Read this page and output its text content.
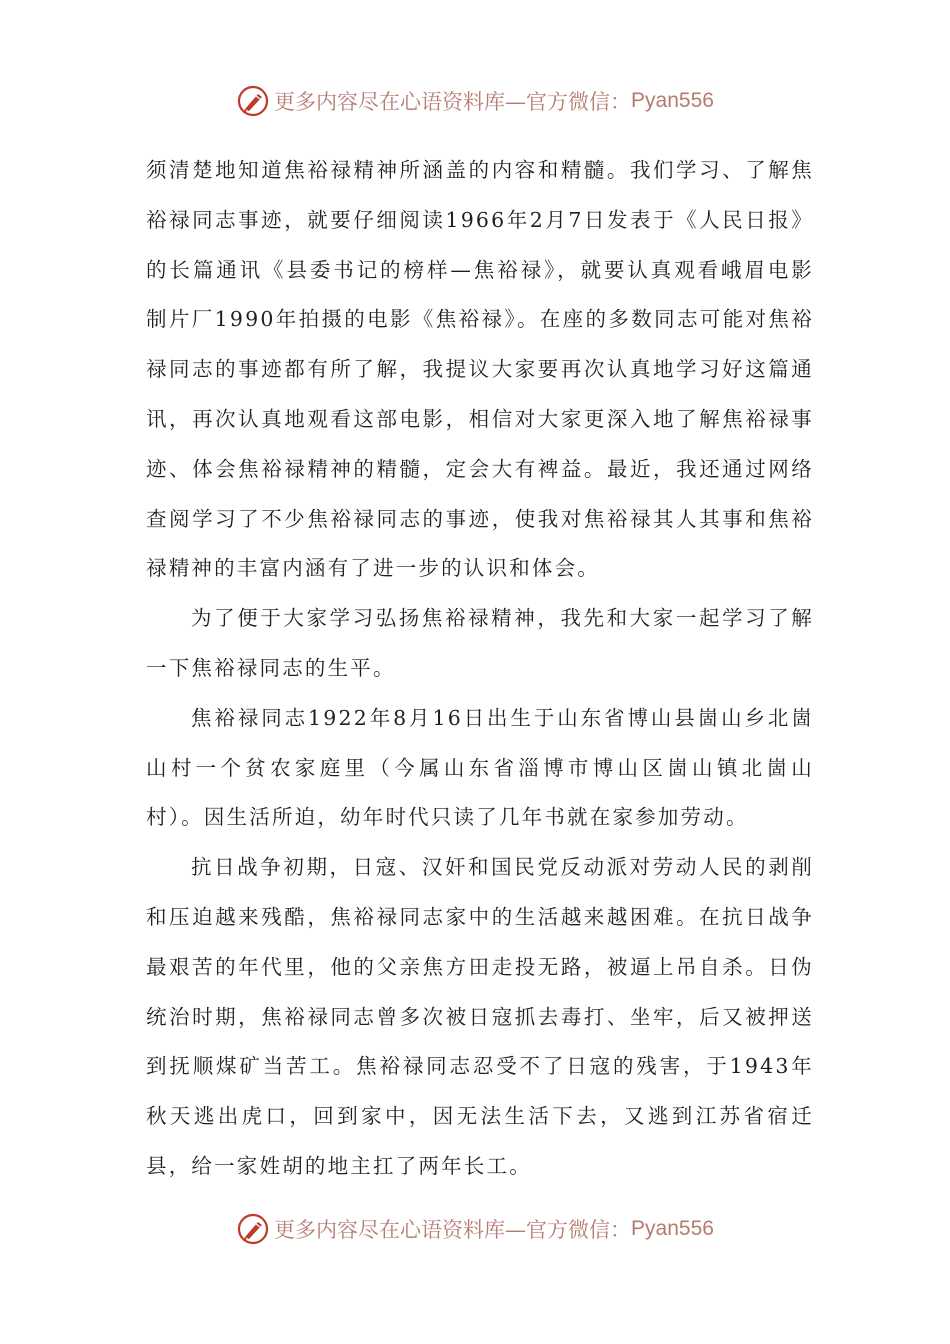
更多内容尽在心语资料库—官方微信： Pyan556

须清楚地知道焦裕禄精神所涵盖的内容和精髓。我们学习、了解焦裕禄同志事迹，就要仔细阅读1966年2月7日发表于《人民日报》的长篇通讯《县委书记的榜样—焦裕禄》，就要认真观看峨眉电影制片厂1990年拍摄的电影《焦裕禄》。在座的多数同志可能对焦裕禄同志的事迹都有所了解，我提议大家要再次认真地学习好这篇通讯，再次认真地观看这部电影，相信对大家更深入地了解焦裕禄事迹、体会焦裕禄精神的精髓，定会大有裨益。最近，我还通过网络查阅学习了不少焦裕禄同志的事迹，使我对焦裕禄其人其事和焦裕禄精神的丰富内涵有了进一步的认识和体会。

为了便于大家学习弘扬焦裕禄精神，我先和大家一起学习了解一下焦裕禄同志的生平。

焦裕禄同志1922年8月16日出生于山东省博山县崮山乡北崮山村一个贫农家庭里（今属山东省淄博市博山区崮山镇北崮山村）。因生活所迫，幼年时代只读了几年书就在家参加劳动。

抗日战争初期，日寇、汉奸和国民党反动派对劳动人民的剥削和压迫越来残酷，焦裕禄同志家中的生活越来越困难。在抗日战争最艰苦的年代里，他的父亲焦方田走投无路，被逼上吊自杀。日伪统治时期，焦裕禄同志曾多次被日寇抓去毒打、坐牢，后又被押送到抚顺煤矿当苦工。焦裕禄同志忍受不了日寇的残害，于1943年秋天逃出虎口，回到家中，因无法生活下去，又逃到江苏省宿迁县，给一家姓胡的地主扛了两年长工。

更多内容尽在心语资料库—官方微信： Pyan556
